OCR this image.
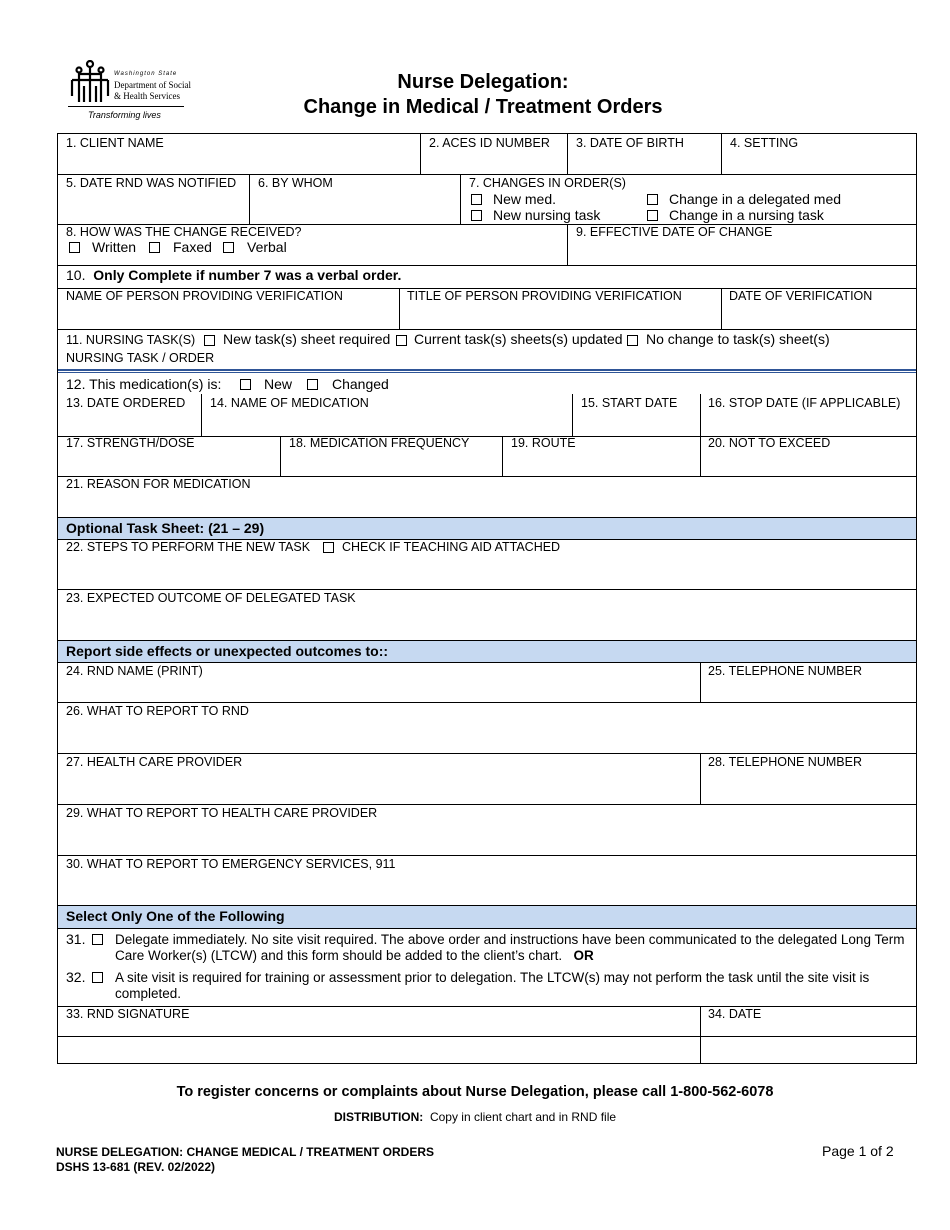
Washington State
Department of Social
& Health Services
Transforming lives
Nurse Delegation:
Change in Medical / Treatment Orders
1. CLIENT NAME	2. ACES ID NUMBER 3. DATE OF BIRTH	4. SETTING
5. DATE RND WAS NOTIFIED 6. BY WHOM	7. CHANGES IN ORDER(S)
New med.
New nursing task
Change in a delegated med
Change in a nursing task
8. HOW WAS THE CHANGE RECEIVED?
Written	Faxed	Verbal
9. EFFECTIVE DATE OF CHANGE
10. Only Complete if number 7 was a verbal order.
NAME OF PERSON PROVIDING VERIFICATION	TITLE OF PERSON PROVIDING VERIFICATION	DATE OF VERIFICATION
11. NURSING TASK(S) New task(s) sheet required Current task(s) sheets(s) updated No change to task(s) sheet(s)
NURSING TASK / ORDER
12. This medication(s) is:	New	Changed
13. DATE ORDERED 14. NAME OF MEDICATION	15. START DATE 16. STOP DATE (IF APPLICABLE)
17. STRENGTH/DOSE	18. MEDICATION FREQUENCY	19. ROUTE	20. NOT TO EXCEED
21. REASON FOR MEDICATION
Optional Task Sheet: (21 – 29)
22. STEPS TO PERFORM THE NEW TASK	CHECK IF TEACHING AID ATTACHED
23. EXPECTED OUTCOME OF DELEGATED TASK
Report side effects or unexpected outcomes to::
24. RND NAME (PRINT)	25. TELEPHONE NUMBER
26. WHAT TO REPORT TO RND
27. HEALTH CARE PROVIDER	28. TELEPHONE NUMBER
29. WHAT TO REPORT TO HEALTH CARE PROVIDER
30. WHAT TO REPORT TO EMERGENCY SERVICES, 911
Select Only One of the Following
31. Delegate immediately. No site visit required. The above order and instructions have been communicated to the delegated Long Term Care Worker(s) (LTCW) and this form should be added to the client’s chart. OR
32. A site visit is required for training or assessment prior to delegation. The LTCW(s) may not perform the task until the site visit is completed.
33. RND SIGNATURE	34. DATE
To register concerns or complaints about Nurse Delegation, please call 1-800-562-6078
DISTRIBUTION: Copy in client chart and in RND file
NURSE DELEGATION: CHANGE MEDICAL / TREATMENT ORDERS
DSHS 13-681 (REV. 02/2022)
Page 1 of 2
